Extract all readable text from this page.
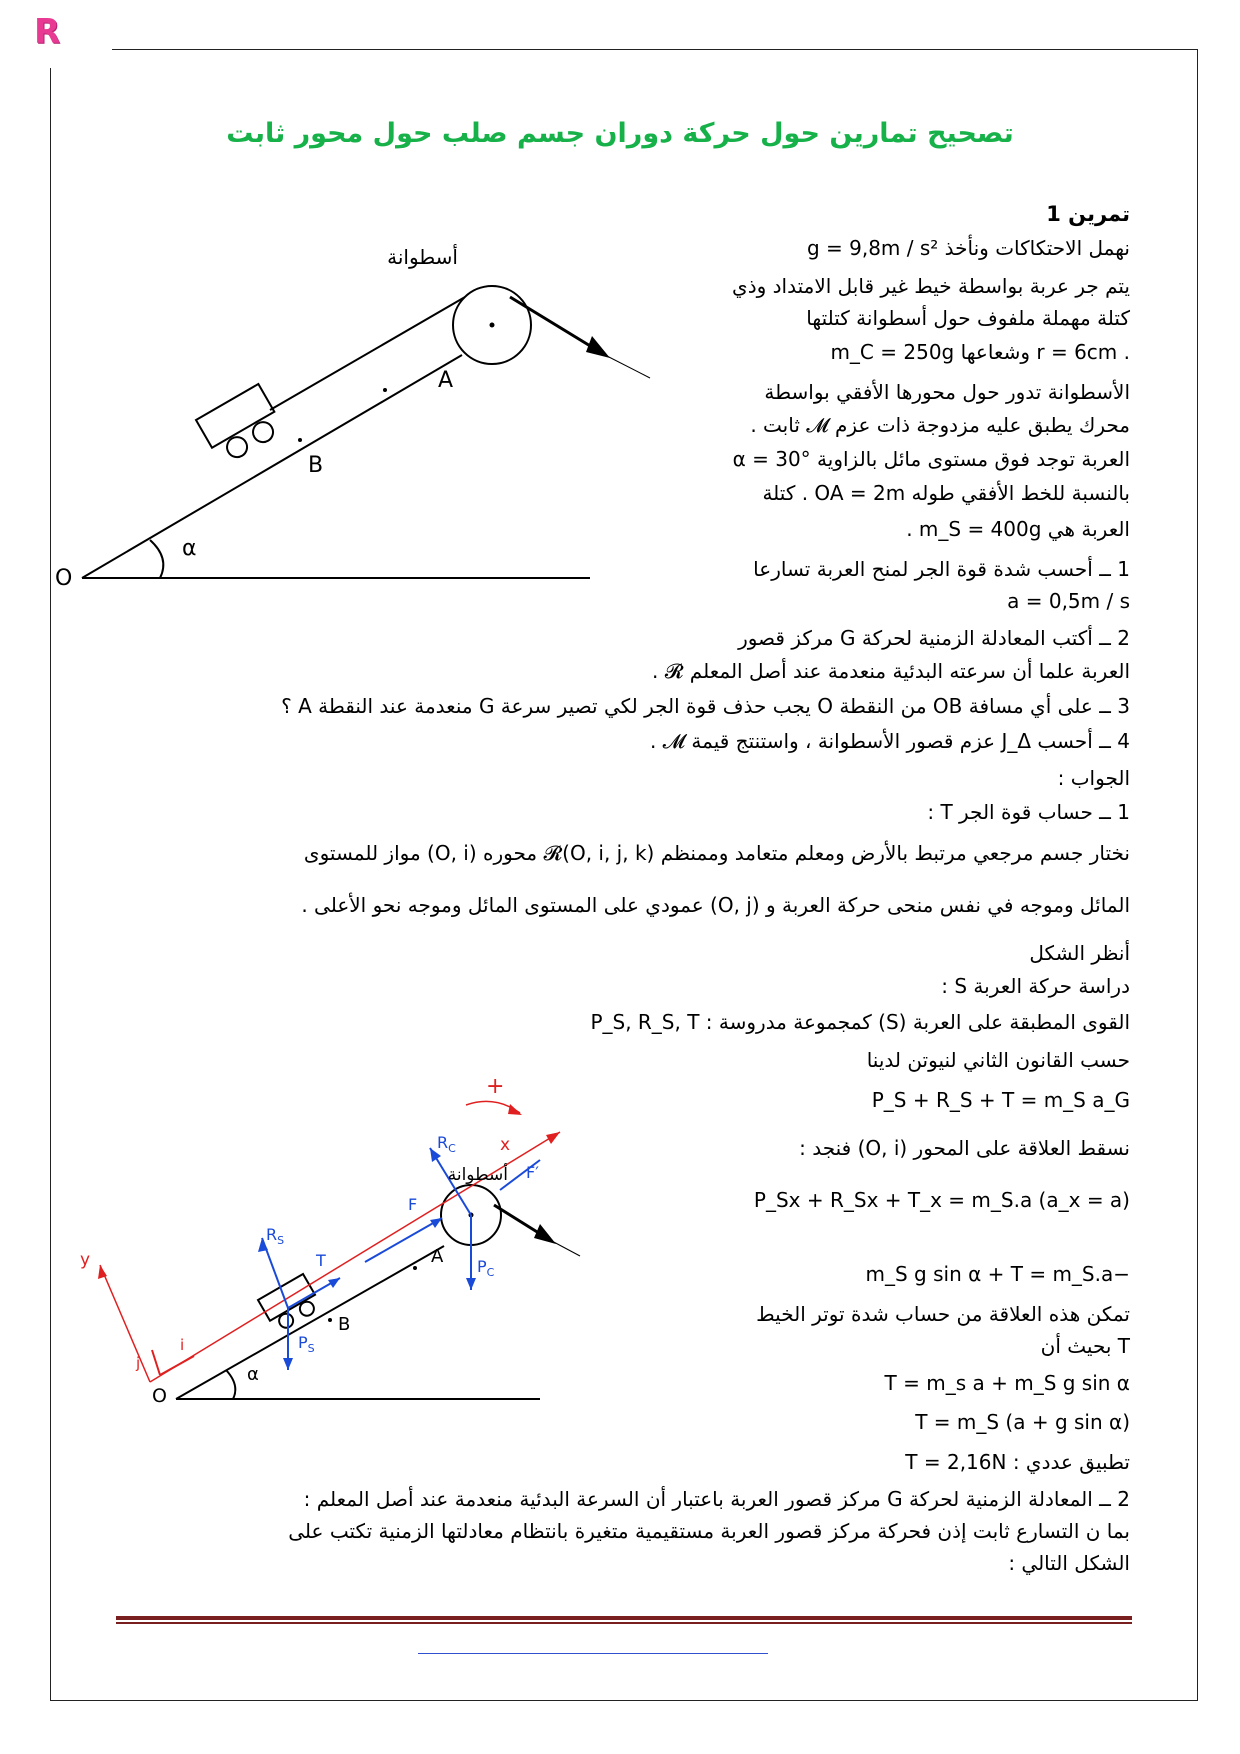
R
تصحيح تمارين حول حركة دوران جسم صلب حول محور ثابت
تمرين 1
نهمل الاحتكاكات ونأخذ g = 9,8m / s²
يتم جر عربة بواسطة خيط غير قابل الامتداد وذي
كتلة مهملة ملفوف حول أسطوانة كتلتها
. r = 6cm وشعاعها m_C = 250g
الأسطوانة تدور حول محورها الأفقي بواسطة
محرك يطبق عليه مزدوجة ذات عزم 𝓜 ثابت .
العربة توجد فوق مستوى مائل بالزاوية α = 30°
بالنسبة للخط الأفقي طوله OA = 2m . كتلة
العربة هي m_S = 400g .
1 ــ أحسب شدة قوة الجر لمنح العربة تسارعا
a = 0,5m / s
2 ــ أكتب المعادلة الزمنية لحركة G مركز قصور
العربة علما أن سرعته البدئية منعدمة عند أصل المعلم 𝓡 .
3 ــ على أي مسافة OB من النقطة O يجب حذف قوة الجر لكي تصير سرعة G منعدمة عند النقطة A ؟
4 ــ أحسب J_Δ عزم قصور الأسطوانة ، واستنتج قيمة 𝓜 .
الجواب :
1 ــ حساب قوة الجر T :
نختار جسم مرجعي مرتبط بالأرض ومعلم متعامد وممنظم 𝓡(O, i, j, k) محوره (O, i) مواز للمستوى
المائل وموجه في نفس منحى حركة العربة و (O, j) عمودي على المستوى المائل وموجه نحو الأعلى .
أنظر الشكل
دراسة حركة العربة S :
القوى المطبقة على العربة (S) كمجموعة مدروسة : P_S, R_S, T
حسب القانون الثاني لنيوتن لدينا
P_S + R_S + T = m_S a_G
نسقط العلاقة على المحور (O, i) فنجد :
P_Sx + R_Sx + T_x = m_S.a (a_x = a)
−m_S g sin α + T = m_S.a
تمكن هذه العلاقة من حساب شدة توتر الخيط
T بحيث أن
T = m_s a + m_S g sin α
T = m_S (a + g sin α)
تطبيق عددي : T = 2,16N
2 ــ المعادلة الزمنية لحركة G مركز قصور العربة باعتبار أن السرعة البدئية منعدمة عند أصل المعلم :
بما ن التسارع ثابت إذن فحركة مركز قصور العربة مستقيمية متغيرة بانتظام معادلتها الزمنية تكتب على
الشكل التالي :
أسطوانة
A
B
O
α
أسطوانة
A
B
O
α
x
y
i
j
+
$R_S$
$P_S$
T
F
$R_C$
$P_C$
F′
